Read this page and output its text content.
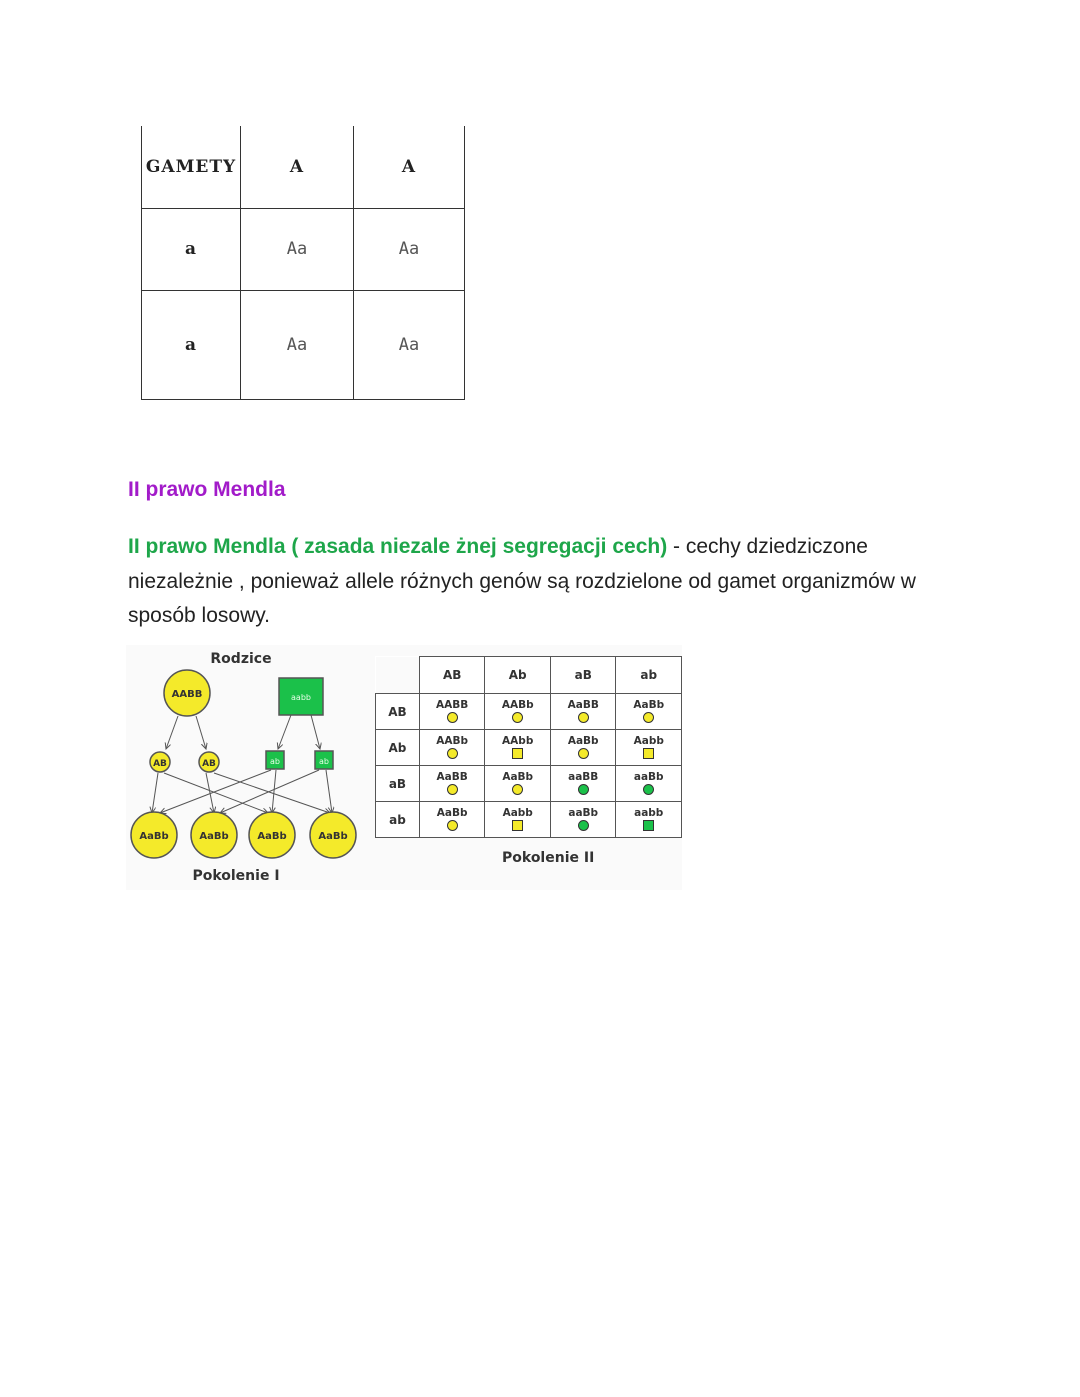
GAMETY	A	A
a	Aa	Aa
a	Aa	Aa
II prawo Mendla
II prawo Mendla ( zasada niezale żnej segregacji cech) - cechy dziedziczone niezależnie , ponieważ allele różnych genów są rozdzielone od gamet organizmów w sposób losowy.
Rodzice
AABB	aabb
AB	AB	ab	ab
AaBb	AaBb	AaBb	AaBb
Pokolenie I
	AB	Ab	aB	ab
AB	AABB	AABb	AaBB	AaBb

Ab	AABb	AAbb	AaBb	Aabb

aB	AaBB	AaBb	aaBB	aaBb

ab	AaBb	Aabb	aaBb	aabb
Pokolenie II
